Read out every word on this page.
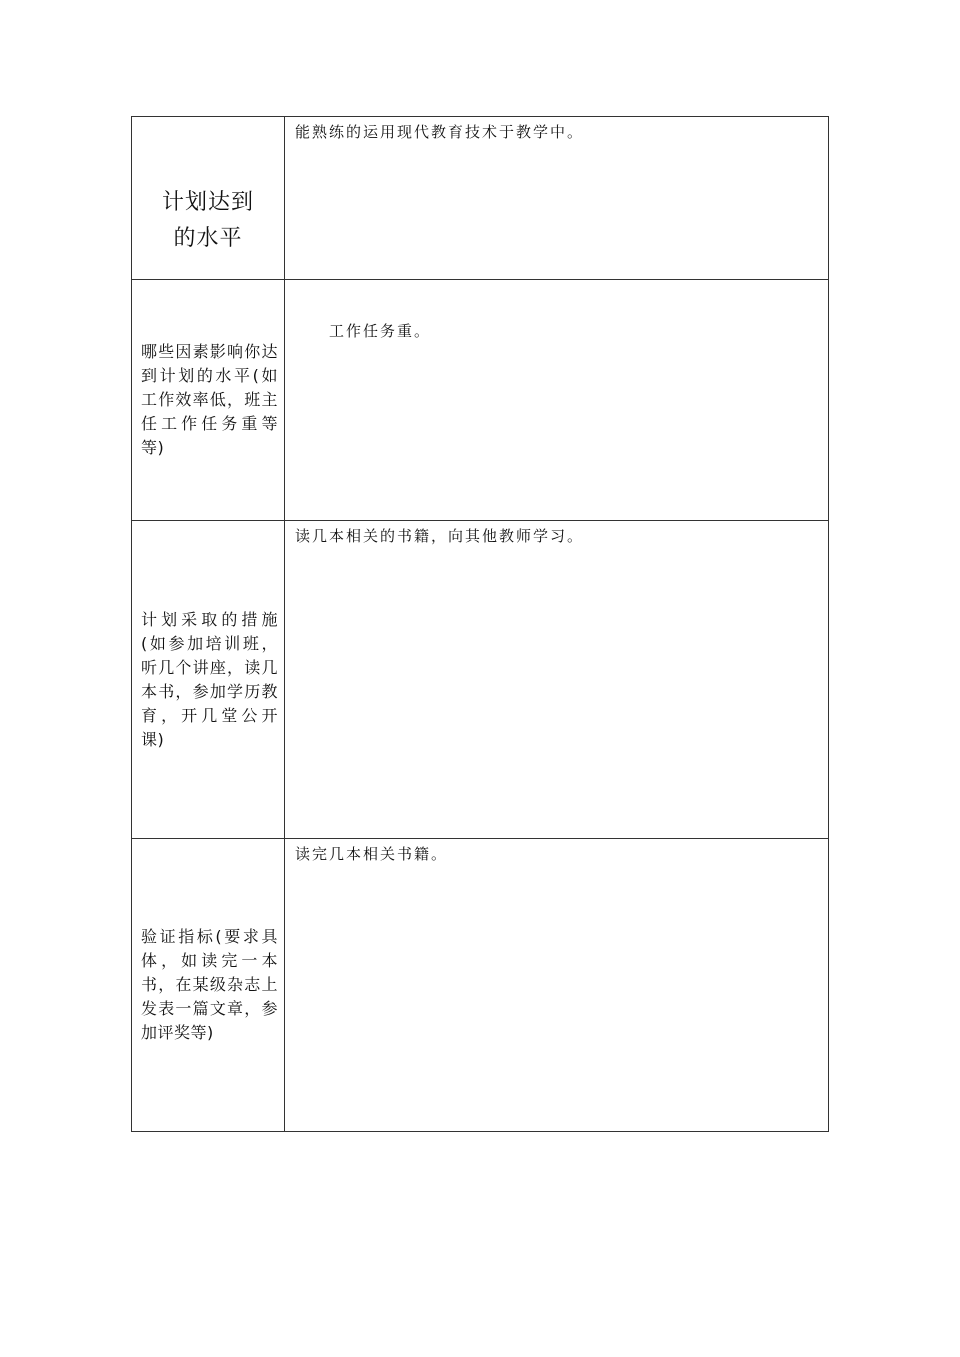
计划达到
的水平	能熟练的运用现代教育技术于教学中。
哪些因素影响你达到计划的水平(如工作效率低，班主任工作任务重等等)	工作任务重。
计划采取的措施(如参加培训班，听几个讲座，读几本书，参加学历教育，开几堂公开课)	读几本相关的书籍，向其他教师学习。
验证指标(要求具体，如读完一本书，在某级杂志上发表一篇文章，参加评奖等)	读完几本相关书籍。
